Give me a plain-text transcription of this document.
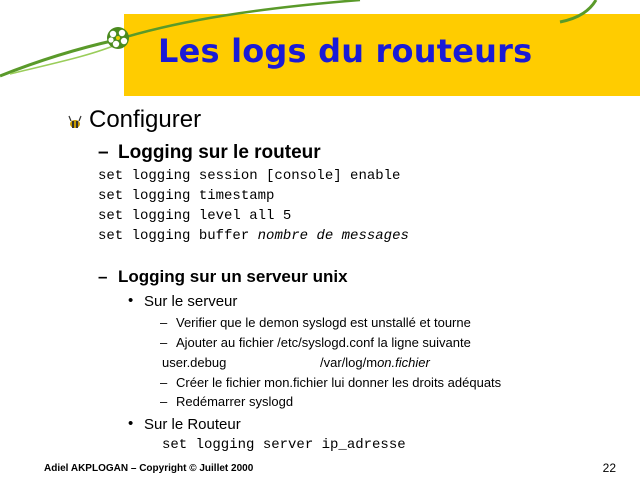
Les logs du routeurs
Configurer
– Logging sur le routeur
set logging session [console] enable
set logging timestamp
set logging level all 5
set logging buffer nombre de messages
– Logging sur un serveur unix
• Sur le serveur
– Verifier que le demon syslogd est unstallé et tourne
– Ajouter au fichier /etc/syslogd.conf la ligne suivante
user.debug	/var/log/mon.fichier
– Créer le fichier mon.fichier lui donner les droits adéquats
– Redémarrer syslogd
• Sur le Routeur
set logging server ip_adresse
Adiel AKPLOGAN – Copyright © Juillet 2000	22
